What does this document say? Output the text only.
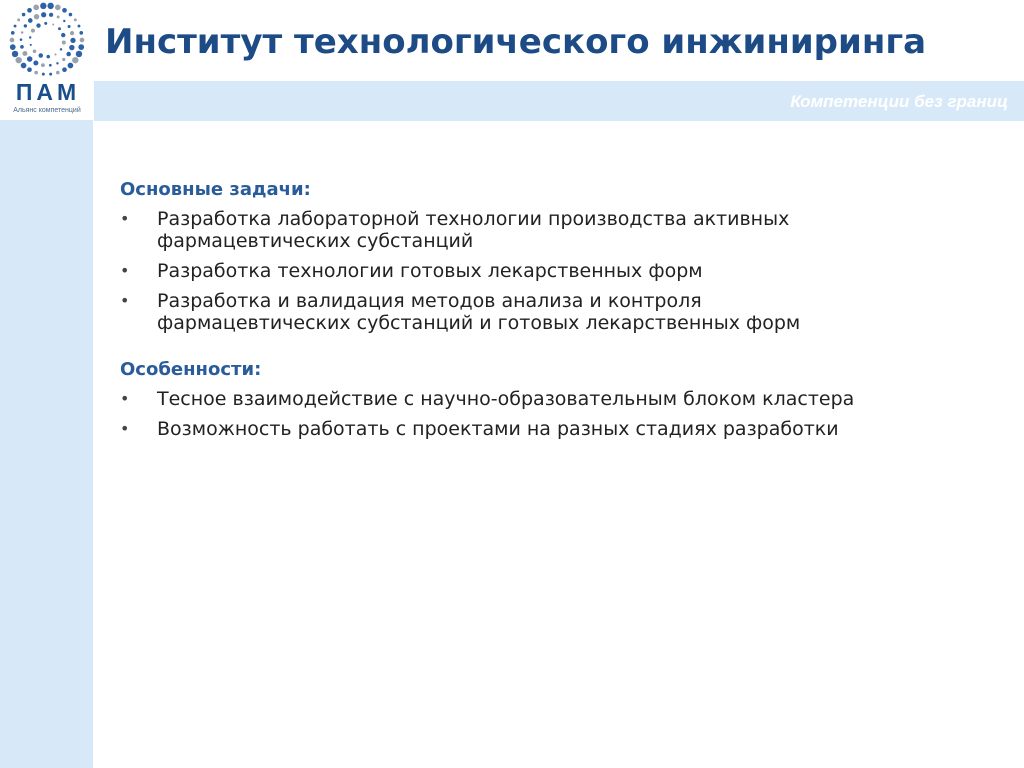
ПАМ
Альянс компетенций
Институт технологического инжиниринга
Компетенции без границ
Основные задачи:
• Разработка лабораторной технологии производства активных фармацевтических субстанций
• Разработка технологии готовых лекарственных форм
• Разработка и валидация методов анализа и контроля фармацевтических субстанций и готовых лекарственных форм
Особенности:
• Тесное взаимодействие с научно-образовательным блоком кластера
• Возможность работать с проектами на разных стадиях разработки
